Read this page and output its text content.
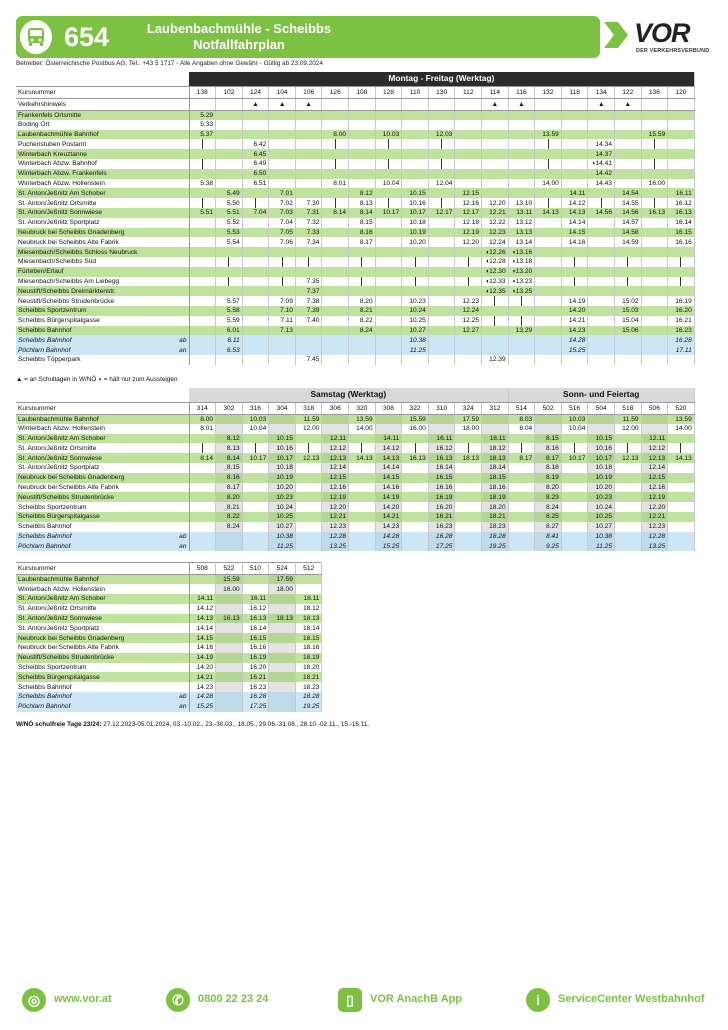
654	Laubenbachmühle - Scheibbs
Notfallfahrplan	VOR
DER VERKEHRSVERBUND
Betreiber: Österreichische Postbus AG; Tel.: +43 5 1717 ◦ Alle Angaben ohne Gewähr ◦ Gültig ab 23.09.2024
	Montag - Freitag (Werktag)																		
Kursnummer	138	102	124	104	106	126	108	128	110	130	112	114	116	132	118	134	122	136	120
Verkehrshinweis			▲	▲	▲							▲	▲			▲	▲		
Frankenfels Ortsmitte	5.29																		
Boding Ort	5.33																		
Laubenbachmühle Bahnhof	5.37					8.00		10.03		12.03				13.59				15.59	
Puchenstuben Postamt			6.42													14.34			
Winterbach Kreuztanne			6.45													14.37			
Winterbach Abzw. Bahnhof			6.49													◖14.41			
Winterbach Abzw. Frankenfels			6.50													14.42			
Winterbach Abzw. Hollenstein	5.38		6.51			8.01		10.04		12.04				14.00		14.43		16.00	
St. Anton/Jeßnitz Am Schober		5.49		7.01			8.12		10.15		12.15				14.11		14.54		16.11
St. Anton/Jeßnitz Ortsmitte		5.50		7.02	7.30		8.13		10.16		12.16	12.20	13.10		14.12		14.55		16.12
St. Anton/Jeßnitz Sonnwiese	5.51	5.51	7.04	7.03	7.31	8.14	8.14	10.17	10.17	12.17	12.17	12.21	13.11	14.13	14.13	14.56	14.56	16.13	16.13
St. Anton/Jeßnitz Sportplatz		5.52		7.04	7.32		8.15		10.18		12.18	12.22	13.12		14.14		14.57		16.14
Neubruck bei Scheibbs Gnadenberg		5.53		7.05	7.33		8.16		10.19		12.19	12.23	13.13		14.15		14.58		16.15
Neubruck bei Scheibbs Alte Fabrik		5.54		7.06	7.34		8.17		10.20		12.20	12.24	13.14		14.16		14.59		16.16
Miesenbach/Scheibbs Schloss Neubruck												◖12.26	◖13.16						
Miesenbach/Scheibbs Süd												◖12.28	◖13.18						
Fürteben/Erlauf												◖12.30	◖13.20						
Miesenbach/Scheibbs Am Liebegg					7.35							◖12.33	◖13.23						
Neustift/Scheibbs Dreimärktenstr.					7.37							◖12.35	◖13.25						
Neustift/Scheibbs Strudenbrücke		5.57		7.09	7.38		8.20		10.23		12.23				14.19		15.02		16.19
Scheibbs Sportzentrum		5.58		7.10	7.39		8.21		10.24		12.24				14.20		15.03		16.20
Scheibbs Bürgerspitalgasse		5.59		7.11	7.40		8.22		10.25		12.25				14.21		15.04		16.21
Scheibbs Bahnhof		6.01		7.13			8.24		10.27		12.27		13.29		14.23		15.06		16.23
Scheibbs Bahnhof ab		6.11							10.38						14.28				16.28
Pöchlarn Bahnhof an		6.53							11.25						15.25				17.11
Scheibbs Töpperpark					7.45							12.39							
▲ = an Schultagen in W/NÖ ◖ = hält nur zum Aussteigen
	Samstag (Werktag)												Sonn- und Feiertag						
Kursnummer	314	302	316	304	318	306	320	308	322	310	324	312	514	502	516	504	518	506	520
Laubenbachmühle Bahnhof	8.00		10.03		11.59		13.59		15.59		17.59		8.03		10.03		11.59		13.59
Winterbach Abzw. Hollenstein	8.01		10.04		12.00		14.00		16.00		18.00		8.04		10.04		12.00		14.00
St. Anton/Jeßnitz Am Schober		8.12		10.15		12.11		14.11		16.11		18.11		8.15		10.15		12.11	
St. Anton/Jeßnitz Ortsmitte		8.13		10.16		12.12		14.12		16.12		18.12		8.16		10.16		12.12	
St. Anton/Jeßnitz Sonnwiese	8.14	8.14	10.17	10.17	12.13	12.13	14.13	14.13	16.13	16.13	18.13	18.13	8.17	8.17	10.17	10.17	12.13	12.13	14.13
St. Anton/Jeßnitz Sportplatz		8.15		10.18		12.14		14.14		16.14		18.14		8.18		10.18		12.14	
Neubruck bei Scheibbs Gnadenberg		8.16		10.19		12.15		14.15		16.15		18.15		8.19		10.19		12.15	
Neubruck bei Scheibbs Alte Fabrik		8.17		10.20		12.16		14.16		16.16		18.16		8.20		10.20		12.16	
Neustift/Scheibbs Strudenbrücke		8.20		10.23		12.19		14.19		16.19		18.19		8.23		10.23		12.19	
Scheibbs Sportzentrum		8.21		10.24		12.20		14.20		16.20		18.20		8.24		10.24		12.20	
Scheibbs Bürgerspitalgasse		8.22		10.25		12.21		14.21		16.21		18.21		8.25		10.25		12.21	
Scheibbs Bahnhof		8.24		10.27		12.23		14.23		16.23		18.23		8.27		10.27		12.23	
Scheibbs Bahnhof ab				10.38		12.28		14.28		16.28		18.28		8.41		10.38		12.28	
Pöchlarn Bahnhof an				11.25		13.25		15.25		17.25		19.25		9.25		11.25		13.25	
Kursnummer	508	522	510	524	512
Laubenbachmühle Bahnhof		15.59		17.59	
Winterbach Abzw. Hollenstein		16.00		18.00	
St. Anton/Jeßnitz Am Schober	14.11		16.11		18.11
St. Anton/Jeßnitz Ortsmitte	14.12		16.12		18.12
St. Anton/Jeßnitz Sonnwiese	14.13	16.13	16.13	18.13	18.13
St. Anton/Jeßnitz Sportplatz	14.14		16.14		18.14
Neubruck bei Scheibbs Gnadenberg	14.15		16.15		18.15
Neubruck bei Scheibbs Alte Fabrik	14.16		16.16		18.16
Neustift/Scheibbs Strudenbrücke	14.19		16.19		18.19
Scheibbs Sportzentrum	14.20		16.20		18.20
Scheibbs Bürgerspitalgasse	14.21		16.21		18.21
Scheibbs Bahnhof	14.23		16.23		18.23
Scheibbs Bahnhof ab	14.28		16.28		18.28
Pöchlarn Bahnhof an	15.25		17.25		19.25
W/NÖ schulfreie Tage 23/24: 27.12.2023-05.01.2024, 03.-10.02., 23.-30.03., 18.05., 29.06.-31.08., 28.10.-02.11., 15.-16.11.
◎	www.vor.at	✆	0800 22 23 24	▯	VOR AnachB App	i	ServiceCenter Westbahnhof
